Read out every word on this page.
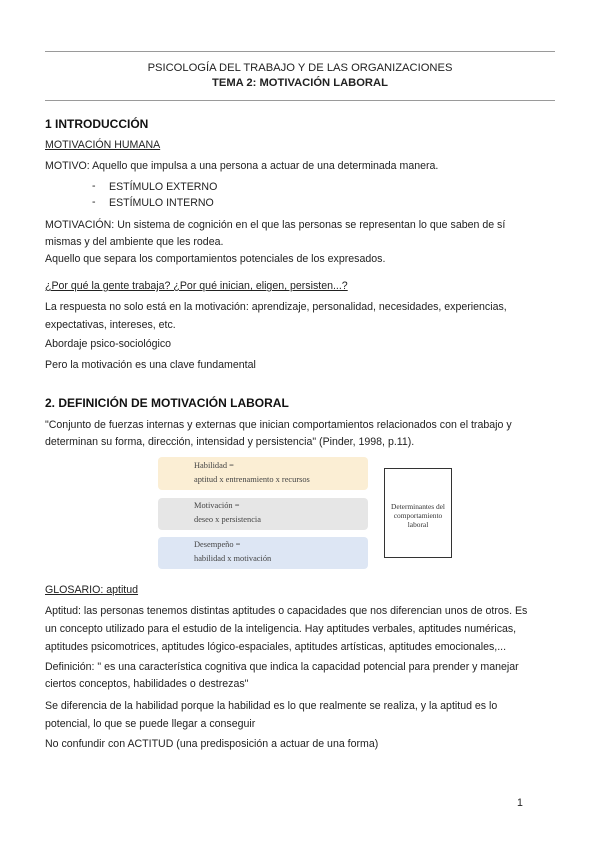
PSICOLOGÍA DEL TRABAJO Y DE LAS ORGANIZACIONES
TEMA 2: MOTIVACIÓN LABORAL
1 INTRODUCCIÓN
MOTIVACIÓN HUMANA
MOTIVO: Aquello que impulsa a una persona a actuar de una determinada manera.
- ESTÍMULO EXTERNO
- ESTÍMULO INTERNO
MOTIVACIÓN: Un sistema de cognición en el que las personas se representan lo que saben de sí
mismas y del ambiente que les rodea.
Aquello que separa los comportamientos potenciales de los expresados.
¿Por qué la gente trabaja? ¿Por qué inician, eligen, persisten...?
La respuesta no solo está en la motivación: aprendizaje, personalidad, necesidades, experiencias,
expectativas, intereses, etc.
Abordaje psico-sociológico
Pero la motivación es una clave fundamental
2. DEFINICIÓN DE MOTIVACIÓN LABORAL
"Conjunto de fuerzas internas y externas que inician comportamientos relacionados con el trabajo y
determinan su forma, dirección, intensidad y persistencia" (Pinder, 1998, p.11).
Habilidad =
aptitud x entrenamiento x recursos
Motivación =
deseo x persistencia
Desempeño =
habilidad x motivación
Determinantes del comportamiento laboral
GLOSARIO: aptitud
Aptitud: las personas tenemos distintas aptitudes o capacidades que nos diferencian unos de otros. Es
un concepto utilizado para el estudio de la inteligencia. Hay aptitudes verbales, aptitudes numéricas,
aptitudes psicomotrices, aptitudes lógico-espaciales, aptitudes artísticas, aptitudes emocionales,...
Definición: " es una característica cognitiva que indica la capacidad potencial para prender y manejar
ciertos conceptos, habilidades o destrezas"
Se diferencia de la habilidad porque la habilidad es lo que realmente se realiza, y la aptitud es lo
potencial, lo que se puede llegar a conseguir
No confundir con ACTITUD (una predisposición a actuar de una forma)
1
